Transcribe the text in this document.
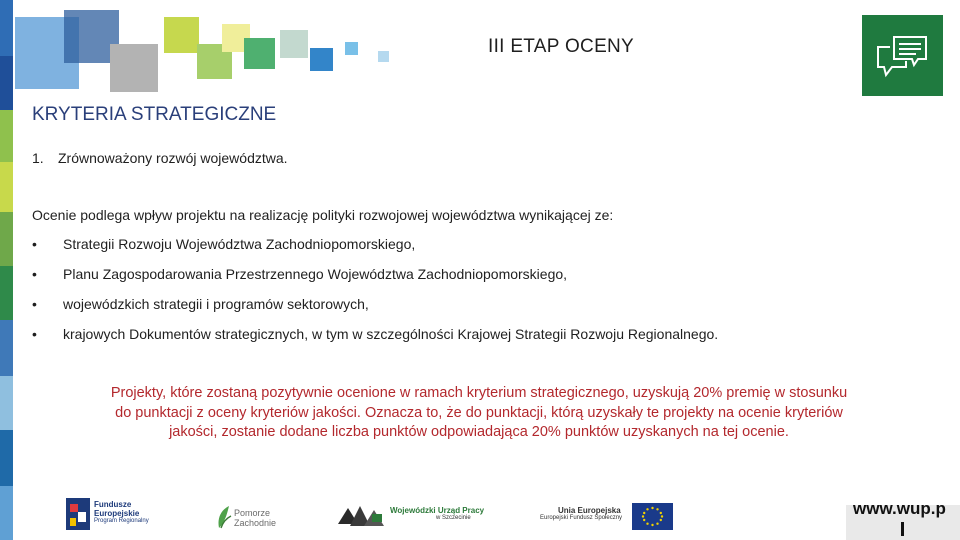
III ETAP OCENY
KRYTERIA STRATEGICZNE
1. Zrównoważony rozwój województwa.
Ocenie podlega wpływ projektu na realizację polityki rozwojowej województwa wynikającej ze:
•	Strategii Rozwoju Województwa Zachodniopomorskiego,
•	Planu Zagospodarowania Przestrzennego Województwa Zachodniopomorskiego,
•	wojewódzkich strategii i programów sektorowych,
•	krajowych Dokumentów strategicznych, w tym w szczególności Krajowej Strategii Rozwoju Regionalnego.
Projekty, które zostaną pozytywnie ocenione w ramach kryterium strategicznego, uzyskują 20% premię w stosunku
do punktacji z oceny kryteriów jakości. Oznacza to, że do punktacji, którą uzyskały te projekty na ocenie kryteriów
jakości, zostanie dodane liczba punktów odpowiadająca 20% punktów uzyskanych na tej ocenie.
Fundusze
Europejskie
Program Regionalny
Pomorze
Zachodnie
Wojewódzki Urząd Pracy
w Szczecinie
Unia Europejska
Europejski Fundusz Społeczny	www.wup.p
